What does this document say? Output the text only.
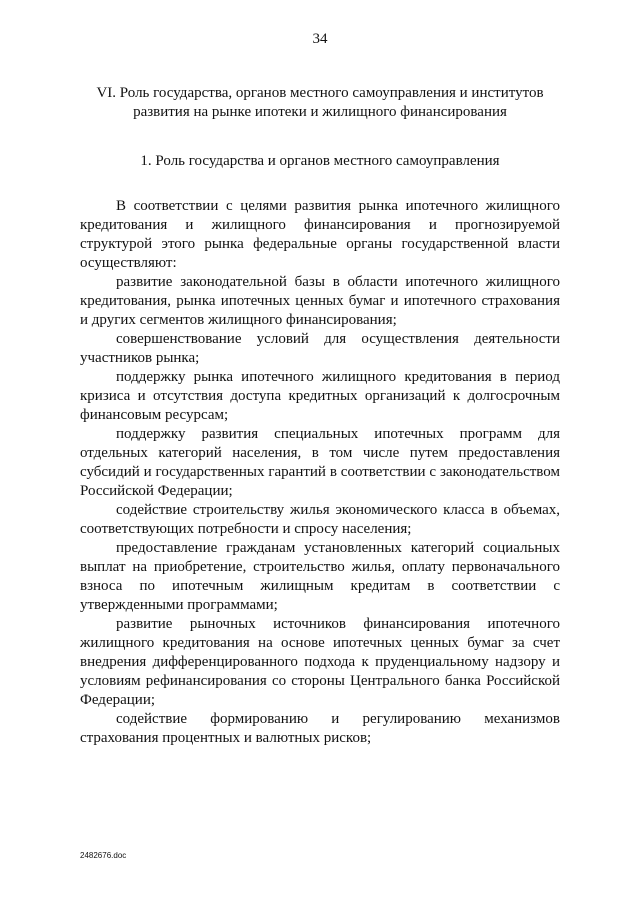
34
VI. Роль государства, органов местного самоуправления и институтов
развития на рынке ипотеки и жилищного финансирования
1. Роль государства и органов местного самоуправления

В соответствии с целями развития рынка ипотечного жилищного кредитования и жилищного финансирования и прогнозируемой структурой этого рынка федеральные органы государственной власти осуществляют:

развитие законодательной базы в области ипотечного жилищного кредитования, рынка ипотечных ценных бумаг и ипотечного страхования и других сегментов жилищного финансирования;

совершенствование условий для осуществления деятельности участников рынка;

поддержку рынка ипотечного жилищного кредитования в период кризиса и отсутствия доступа кредитных организаций к долгосрочным финансовым ресурсам;

поддержку развития специальных ипотечных программ для отдельных категорий населения, в том числе путем предоставления субсидий и государственных гарантий в соответствии с законодательством Российской Федерации;

содействие строительству жилья экономического класса в объемах, соответствующих потребности и спросу населения;

предоставление гражданам установленных категорий социальных выплат на приобретение, строительство жилья, оплату первоначального взноса по ипотечным жилищным кредитам в соответствии с утвержденными программами;

развитие рыночных источников финансирования ипотечного жилищного кредитования на основе ипотечных ценных бумаг за счет внедрения дифференцированного подхода к пруденциальному надзору и условиям рефинансирования со стороны Центрального банка Российской Федерации;

содействие формированию и регулированию механизмов страхования процентных и валютных рисков;

2482676.doc
